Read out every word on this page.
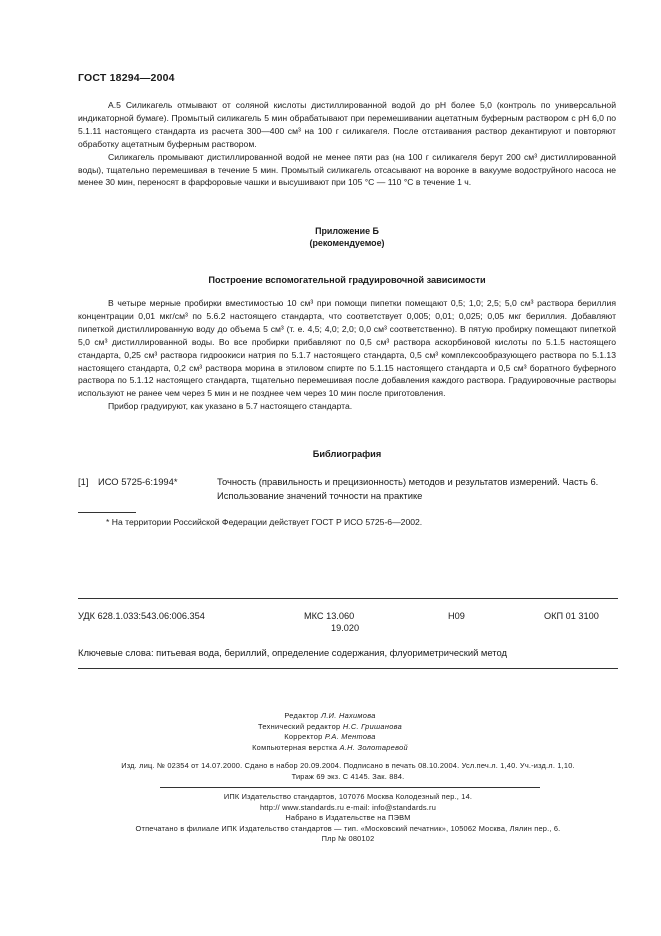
ГОСТ 18294—2004

А.5 Силикагель отмывают от соляной кислоты дистиллированной водой до рН более 5,0 (контроль по универсальной индикаторной бумаге). Промытый силикагель 5 мин обрабатывают при перемешивании ацетатным буферным раствором с рН 6,0 по 5.1.11 настоящего стандарта из расчета 300—400 см³ на 100 г силикагеля. После отстаивания раствор декантируют и повторяют обработку ацетатным буферным раствором.

Силикагель промывают дистиллированной водой не менее пяти раз (на 100 г силикагеля берут 200 см³ дистиллированной воды), тщательно перемешивая в течение 5 мин. Промытый силикагель отсасывают на воронке в вакууме водоструйного насоса не менее 30 мин, переносят в фарфоровые чашки и высушивают при 105 °С — 110 °С в течение 1 ч.

Приложение Б
(рекомендуемое)
Построение вспомогательной градуировочной зависимости

В четыре мерные пробирки вместимостью 10 см³ при помощи пипетки помещают 0,5; 1,0; 2,5; 5,0 см³ раствора бериллия концентрации 0,01 мкг/см³ по 5.6.2 настоящего стандарта, что соответствует 0,005; 0,01; 0,025; 0,05 мкг бериллия. Добавляют пипеткой дистиллированную воду до объема 5 см³ (т. е. 4,5; 4,0; 2,0; 0,0 см³ соответственно). В пятую пробирку помещают пипеткой 5,0 см³ дистиллированной воды. Во все пробирки прибавляют по 0,5 см³ раствора аскорбиновой кислоты по 5.1.5 настоящего стандарта, 0,25 см³ раствора гидроокиси натрия по 5.1.7 настоящего стандарта, 0,5 см³ комплексообразующего раствора по 5.1.13 настоящего стандарта, 0,2 см³ раствора морина в этиловом спирте по 5.1.15 настоящего стандарта и 0,5 см³ боратного буферного раствора по 5.1.12 настоящего стандарта, тщательно перемешивая после добавления каждого раствора. Градуировочные растворы используют не ранее чем через 5 мин и не позднее чем через 10 мин после приготовления.

Прибор градуируют, как указано в 5.7 настоящего стандарта.

Библиография
[1] ИСО 5725-6:1994*	Точность (правильность и прецизионность) методов и результатов измерений. Часть 6. Использование значений точности на практике
* На территории Российской Федерации действует ГОСТ Р ИСО 5725-6—2002.
УДК 628.1.033:543.06:006.354	МКС 13.060
19.020
Н09	ОКП 01 3100
Ключевые слова: питьевая вода, бериллий, определение содержания, флуориметрический метод
Редактор Л.И. Нахимова
Технический редактор Н.С. Гришанова
Корректор Р.А. Ментова
Компьютерная верстка А.Н. Золотаревой
Изд. лиц. № 02354 от 14.07.2000. Сдано в набор 20.09.2004. Подписано в печать 08.10.2004. Усл.печ.л. 1,40. Уч.-изд.л. 1,10.
Тираж 69 экз. С 4145. Зак. 884.
ИПК Издательство стандартов, 107076 Москва Колодезный пер., 14.
http:// www.standards.ru e-mail: info@standards.ru
Набрано в Издательстве на ПЭВМ
Отпечатано в филиале ИПК Издательство стандартов — тип. «Московский печатник», 105062 Москва, Лялин пер., 6.
Плр № 080102
